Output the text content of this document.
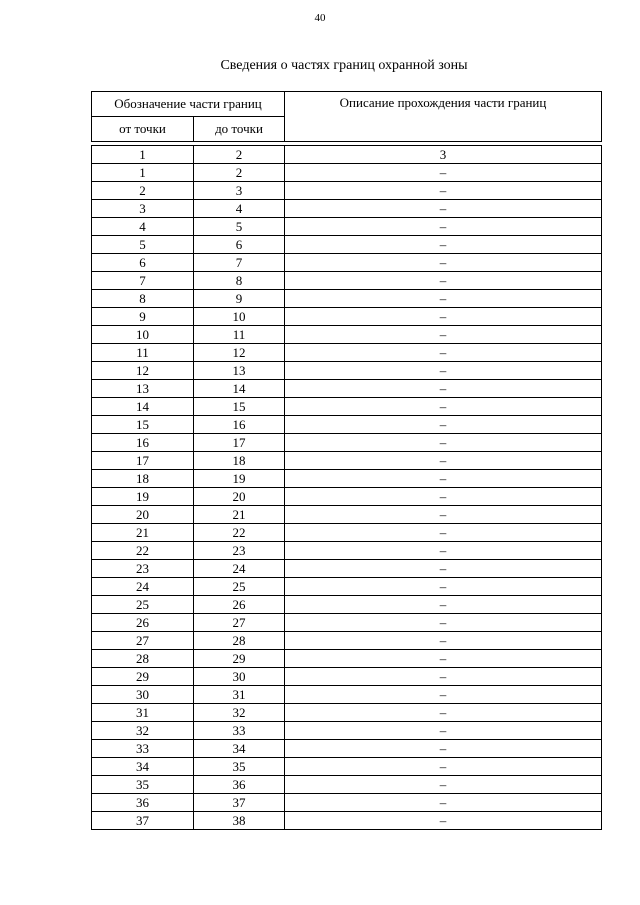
40
Сведения о частях границ охранной зоны
Обозначение части границ		Описание прохождения части границ
от точки	до точки	

1	2	3
1	2	–
2	3	–
3	4	–
4	5	–
5	6	–
6	7	–
7	8	–
8	9	–
9	10	–
10	11	–
11	12	–
12	13	–
13	14	–
14	15	–
15	16	–
16	17	–
17	18	–
18	19	–
19	20	–
20	21	–
21	22	–
22	23	–
23	24	–
24	25	–
25	26	–
26	27	–
27	28	–
28	29	–
29	30	–
30	31	–
31	32	–
32	33	–
33	34	–
34	35	–
35	36	–
36	37	–
37	38	–
